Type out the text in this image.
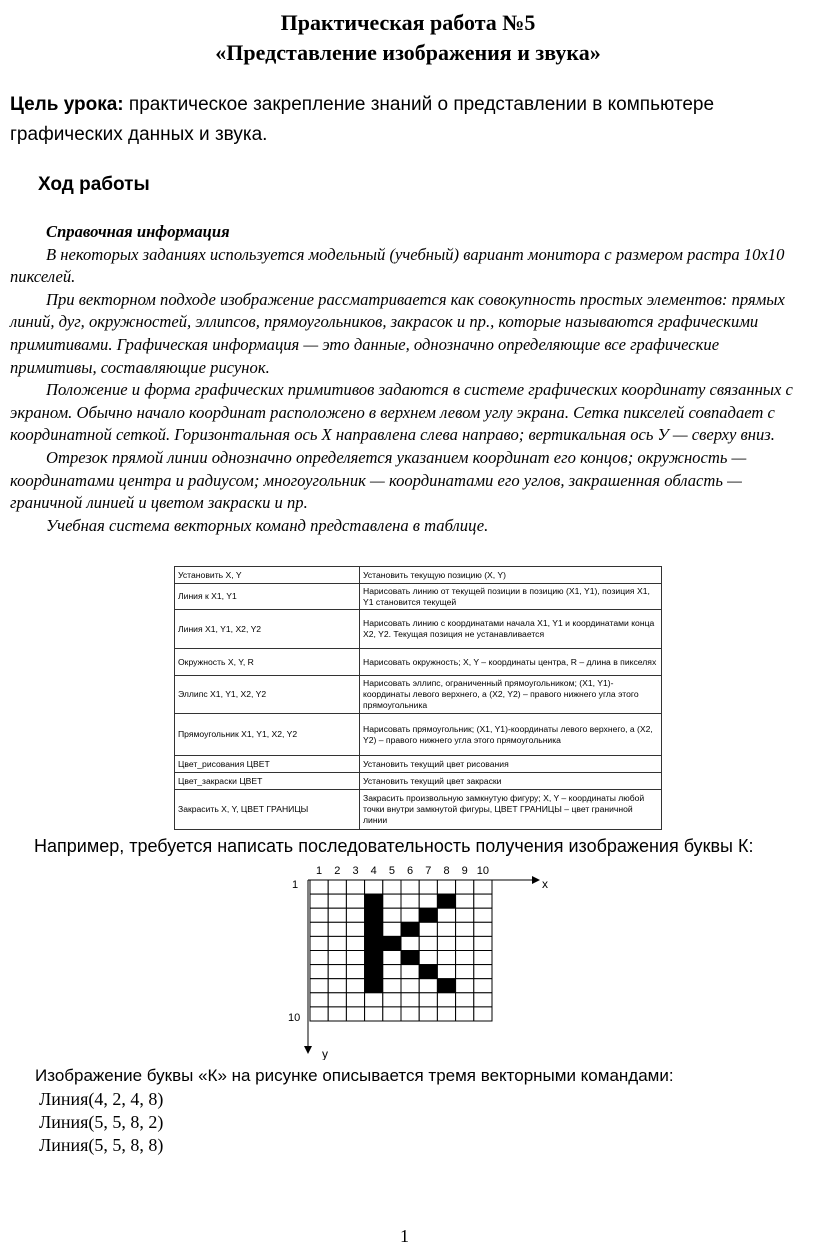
Практическая работа №5
«Представление изображения и звука»
Цель урока: практическое закрепление знаний о представлении в компьютере графических данных и звука.
Ход работы

Справочная информация

В некоторых заданиях используется модельный (учебный) вариант монитора с размером растра 10x10 пикселей.

При векторном подходе изображение рассматривается как совокупность простых элементов: прямых линий, дуг, окружностей, эллипсов, прямоугольников, закрасок и пр., которые называются графическими примитивами. Графическая информация — это данные, однозначно определяющие все графические примитивы, составляющие рисунок.

Положение и форма графических примитивов задаются в системе графических координату связанных с экраном. Обычно начало координат расположено в верхнем левом углу экрана. Сетка пикселей совпадает с координатной сеткой. Горизонтальная ось X направлена слева направо; вертикальная ось У — сверху вниз.

Отрезок прямой линии однозначно определяется указанием координат его концов; окружность — координатами центра и радиусом; многоугольник — координатами его углов, закрашенная область — граничной линией и цветом закраски и пр.

Учебная система векторных команд представлена в таблице.

Установить X, Y	Установить текущую позицию (X, Y)
Линия к X1, Y1	Нарисовать линию от текущей позиции в позицию (X1, Y1), позиция X1, Y1 становится текущей
Линия X1, Y1, X2, Y2	Нарисовать линию с координатами начала X1, Y1 и координатами конца X2, Y2. Текущая позиция не устанавливается
Окружность X, Y, R	Нарисовать окружность; X, Y – координаты центра, R – длина в пикселях
Эллипс X1, Y1, X2, Y2	Нарисовать эллипс, ограниченный прямоугольником; (X1, Y1)-координаты левого верхнего, а (X2, Y2) – правого нижнего угла этого прямоугольника
Прямоугольник X1, Y1, X2, Y2	Нарисовать прямоугольник; (X1, Y1)-координаты левого верхнего, а (X2, Y2) – правого нижнего угла этого прямоугольника
Цвет_рисования ЦВЕТ	Установить текущий цвет рисования
Цвет_закраски ЦВЕТ	Установить текущий цвет закраски
Закрасить X, Y, ЦВЕТ ГРАНИЦЫ	Закрасить произвольную замкнутую фигуру; X, Y – координаты любой точки внутри замкнутой фигуры, ЦВЕТ ГРАНИЦЫ – цвет граничной линии
Например, требуется написать последовательность получения изображения буквы К:
1 2 3 4 5 6 7 8 9 10
1
10
x
y
Изображение буквы «К» на рисунке описывается тремя векторными командами:
Линия(4, 2, 4, 8)
Линия(5, 5, 8, 2)
Линия(5, 5, 8, 8)
1
